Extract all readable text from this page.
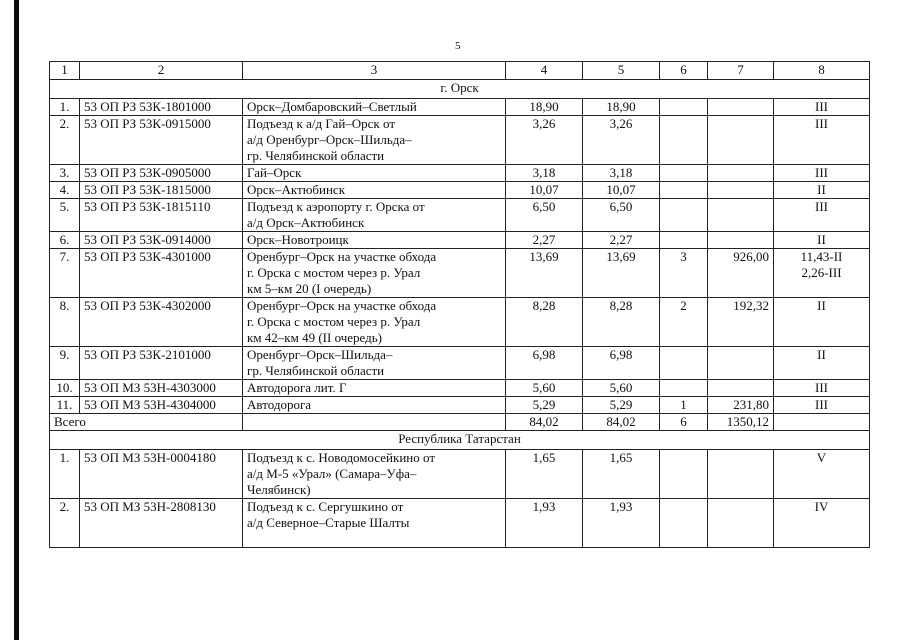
5
1	2	3	4	5	6	7	8
г. Орск							
1.	53 ОП РЗ 53К-1801000	Орск–Домбаровский–Светлый	18,90	18,90			III
2.	53 ОП РЗ 53К-0915000	Подъезд к а/д Гай–Орск от
а/д Оренбург–Орск–Шильда–
гр. Челябинской области	3,26	3,26			III
3.	53 ОП РЗ 53К-0905000	Гай–Орск	3,18	3,18			III
4.	53 ОП РЗ 53К-1815000	Орск–Актюбинск	10,07	10,07			II
5.	53 ОП РЗ 53К-1815110	Подъезд к аэропорту г. Орска от
а/д Орск–Актюбинск	6,50	6,50			III
6.	53 ОП РЗ 53К-0914000	Орск–Новотроицк	2,27	2,27			II
7.	53 ОП РЗ 53К-4301000	Оренбург–Орск на участке обхода
г. Орска с мостом через р. Урал
км 5–км 20 (I очередь)	13,69	13,69	3	926,00	11,43-II
2,26-III
8.	53 ОП РЗ 53К-4302000	Оренбург–Орск на участке обхода
г. Орска с мостом через р. Урал
км 42–км 49 (II очередь)	8,28	8,28	2	192,32	II
9.	53 ОП РЗ 53К-2101000	Оренбург–Орск–Шильда–
гр. Челябинской области	6,98	6,98			II
10.	53 ОП МЗ 53Н-4303000	Автодорога лит. Г	5,60	5,60			III
11.	53 ОП МЗ 53Н-4304000	Автодорога	5,29	5,29	1	231,80	III
Всего			84,02	84,02	6	1350,12	
Республика Татарстан							
1.	53 ОП МЗ 53Н-0004180	Подъезд к с. Новодомосейкино от
а/д М-5 «Урал» (Самара–Уфа–
Челябинск)	1,65	1,65			V
2.	53 ОП МЗ 53Н-2808130	Подъезд к с. Сергушкино от
а/д Северное–Старые Шалты	1,93	1,93			IV
